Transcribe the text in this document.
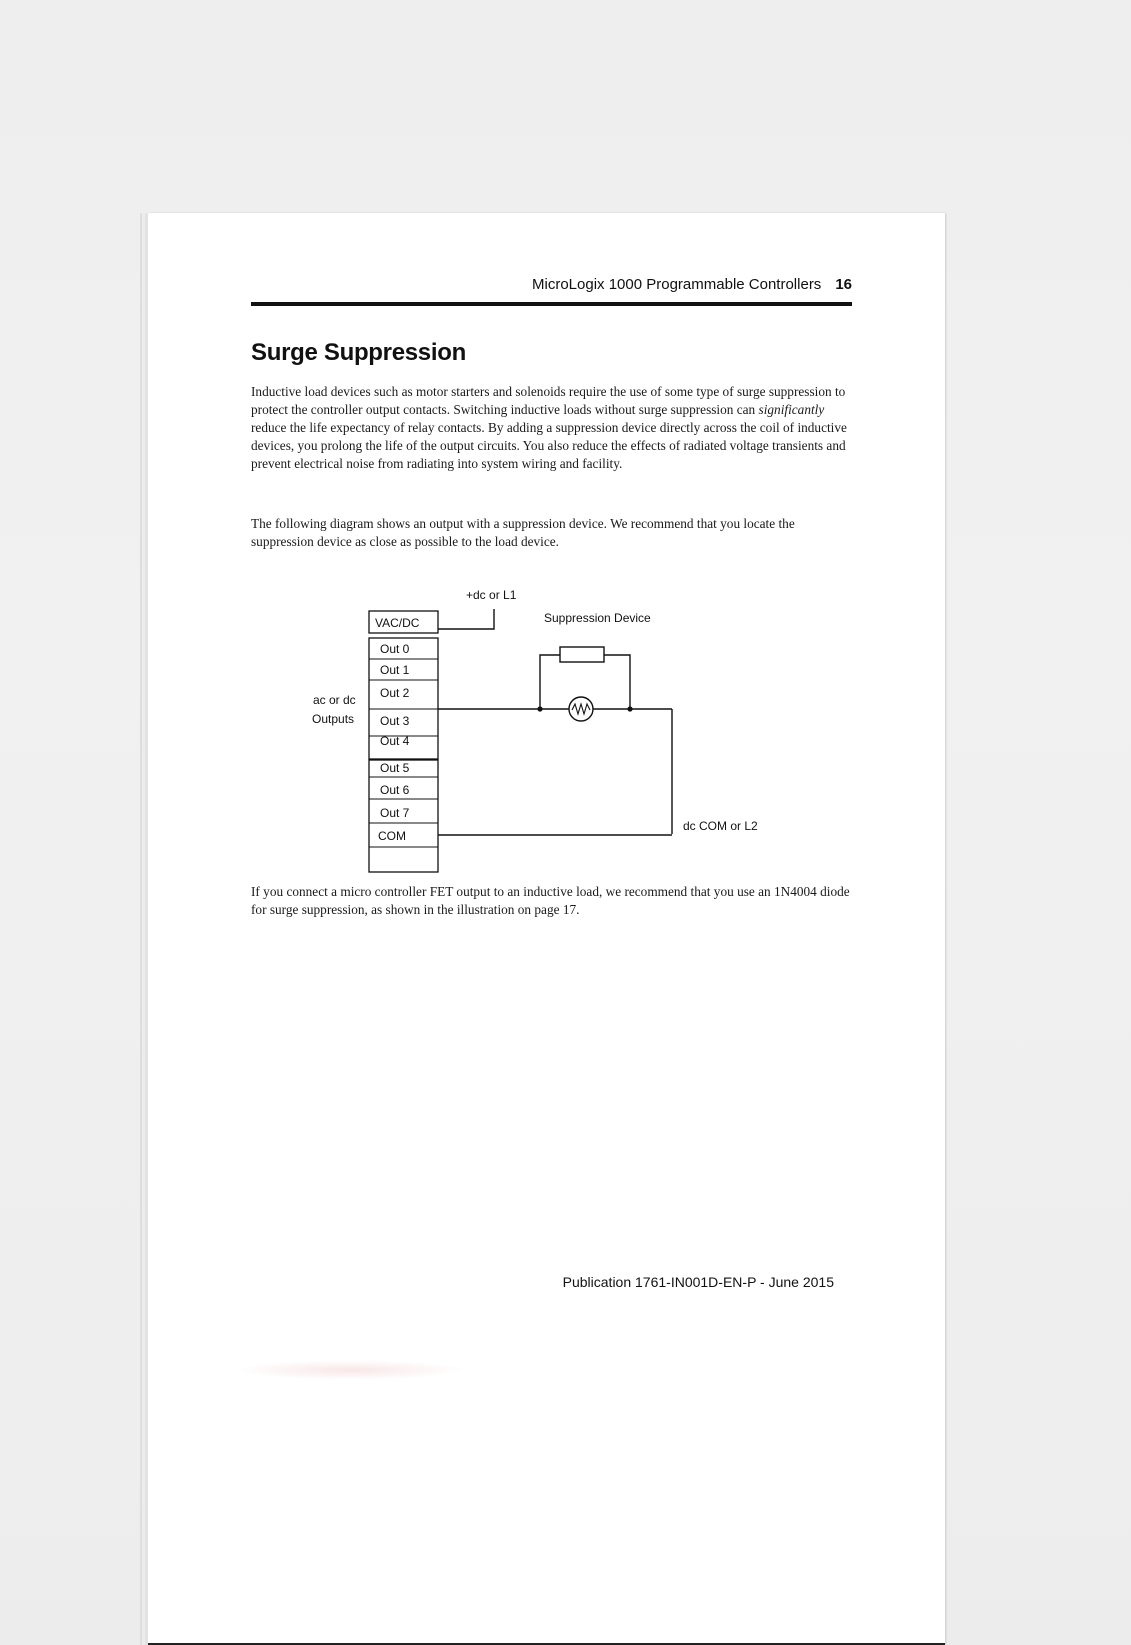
MicroLogix 1000 Programmable Controllers 16
Surge Suppression

Inductive load devices such as motor starters and solenoids require the use of some type of surge suppression to protect the controller output contacts. Switching inductive loads without surge suppression can significantly reduce the life expectancy of relay contacts. By adding a suppression device directly across the coil of inductive devices, you prolong the life of the output circuits. You also reduce the effects of radiated voltage transients and prevent electrical noise from radiating into system wiring and facility.

The following diagram shows an output with a suppression device. We recommend that you locate the suppression device as close as possible to the load device.

+dc or L1
Suppression Device
ac or dc
Outputs
dc COM or L2
VAC/DC
Out 0
Out 1
Out 2
Out 3
Out 4
Out 5
Out 6
Out 7
COM

If you connect a micro controller FET output to an inductive load, we recommend that you use an 1N4004 diode for surge suppression, as shown in the illustration on page 17.

Publication 1761-IN001D-EN-P - June 2015
